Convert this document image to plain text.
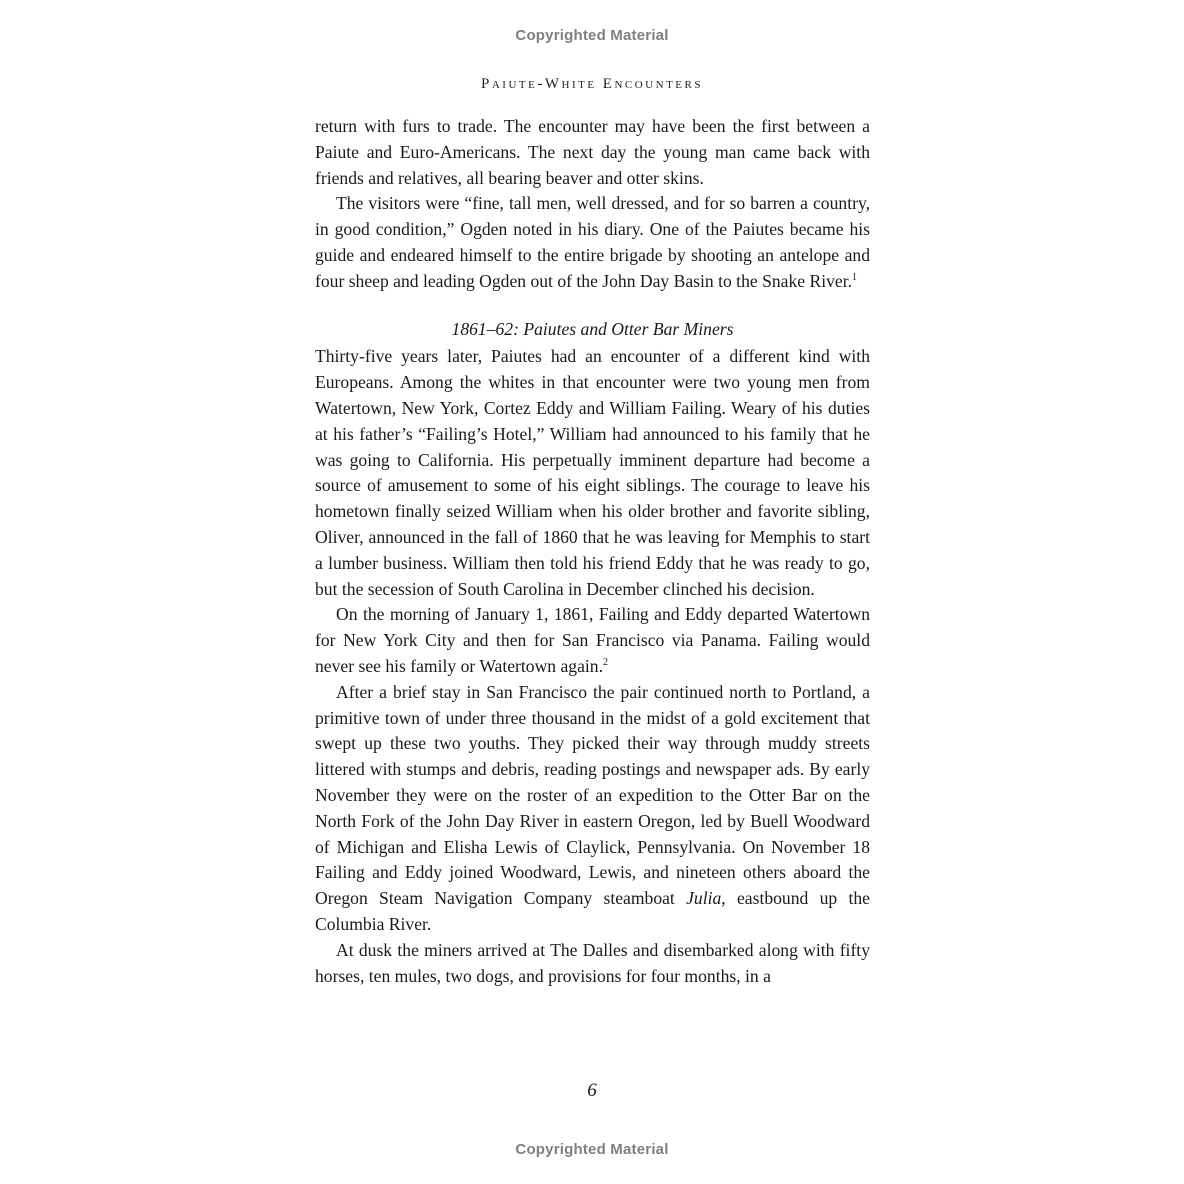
Copyrighted Material
Paiute-White Encounters

return with furs to trade. The encounter may have been the first between a Paiute and Euro-Americans. The next day the young man came back with friends and relatives, all bearing beaver and otter skins.

The visitors were “fine, tall men, well dressed, and for so barren a country, in good condition,” Ogden noted in his diary. One of the Paiutes became his guide and endeared himself to the entire brigade by shooting an antelope and four sheep and leading Ogden out of the John Day Basin to the Snake River.$^1$

1861–62: Paiutes and Otter Bar Miners

Thirty-five years later, Paiutes had an encounter of a different kind with Europeans. Among the whites in that encounter were two young men from Watertown, New York, Cortez Eddy and William Failing. Weary of his duties at his father’s “Failing’s Hotel,” William had announced to his family that he was going to California. His perpetually imminent departure had become a source of amusement to some of his eight siblings. The courage to leave his hometown finally seized William when his older brother and favorite sibling, Oliver, announced in the fall of 1860 that he was leaving for Memphis to start a lumber business. William then told his friend Eddy that he was ready to go, but the secession of South Carolina in December clinched his decision.

On the morning of January 1, 1861, Failing and Eddy departed Watertown for New York City and then for San Francisco via Panama. Failing would never see his family or Watertown again.$^2$

After a brief stay in San Francisco the pair continued north to Portland, a primitive town of under three thousand in the midst of a gold excitement that swept up these two youths. They picked their way through muddy streets littered with stumps and debris, reading postings and newspaper ads. By early November they were on the roster of an expedition to the Otter Bar on the North Fork of the John Day River in eastern Oregon, led by Buell Woodward of Michigan and Elisha Lewis of Claylick, Pennsylvania. On November 18 Failing and Eddy joined Woodward, Lewis, and nineteen others aboard the Oregon Steam Navigation Company steamboat Julia, eastbound up the Columbia River.

At dusk the miners arrived at The Dalles and disembarked along with fifty horses, ten mules, two dogs, and provisions for four months, in a

6
Copyrighted Material
